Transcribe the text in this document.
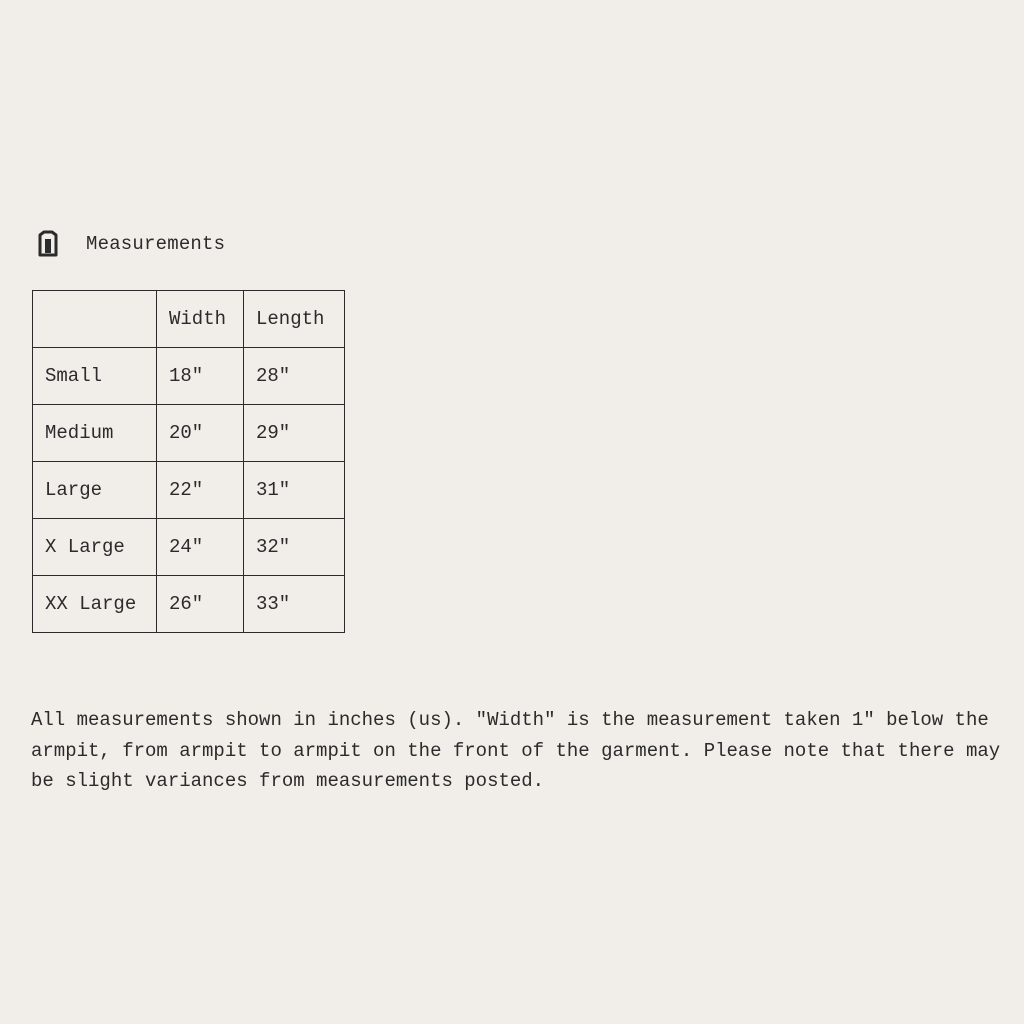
Measurements
	Width	Length
Small	18"	28"
Medium	20"	29"
Large	22"	31"
X Large	24"	32"
XX Large	26"	33"

All measurements shown in inches (us). "Width" is the measurement taken 1" below the armpit, from armpit to armpit on the front of the garment. Please note that there may be slight variances from measurements posted.
